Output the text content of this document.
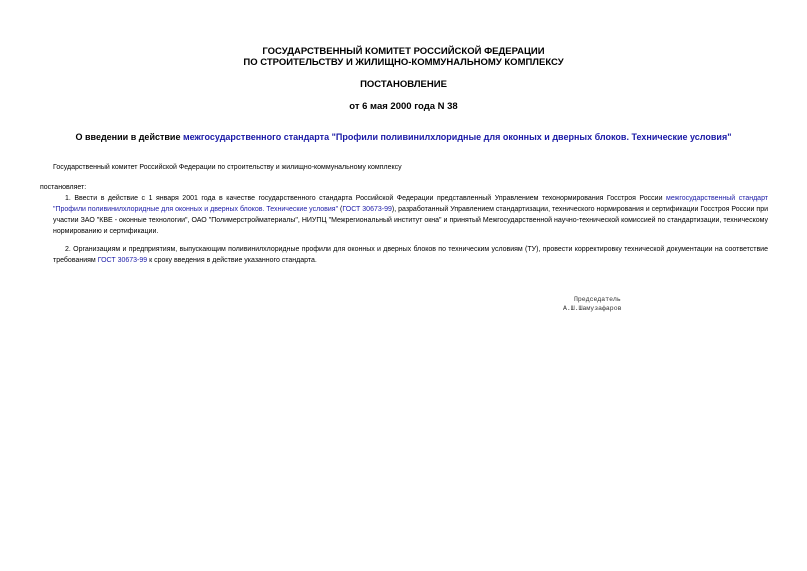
ГОСУДАРСТВЕННЫЙ КОМИТЕТ РОССИЙСКОЙ ФЕДЕРАЦИИ
ПО СТРОИТЕЛЬСТВУ И ЖИЛИЩНО-КОММУНАЛЬНОМУ КОМПЛЕКСУ
ПОСТАНОВЛЕНИЕ
от 6 мая 2000 года N 38
О введении в действие межгосударственного стандарта "Профили поливинилхлоридные для оконных и дверных блоков. Технические условия"
Государственный комитет Российской Федерации по строительству и жилищно-коммунальному комплексу
постановляет:

1. Ввести в действие с 1 января 2001 года в качестве государственного стандарта Российской Федерации представленный Управлением техонормирования Госстроя России межгосударственный стандарт "Профили поливинилхлоридные для оконных и дверных блоков. Технические условия" (ГОСТ 30673-99), разработанный Управлением стандартизации, технического нормирования и сертификации Госстроя России при участии ЗАО "КВЕ - оконные технологии", ОАО "Полимерстройматериалы", НИУПЦ "Межрегиональный институт окна" и принятый Межгосударственной научно-технической комиссией по стандартизации, техническому нормированию и сертификации.

2. Организациям и предприятиям, выпускающим поливинилхлоридные профили для оконных и дверных блоков по техническим условиям (ТУ), провести корректировку технической документации на соответствие требованиям ГОСТ 30673-99 к сроку введения в действие указанного стандарта.

Председатель
А.Ш.Шамузафаров
